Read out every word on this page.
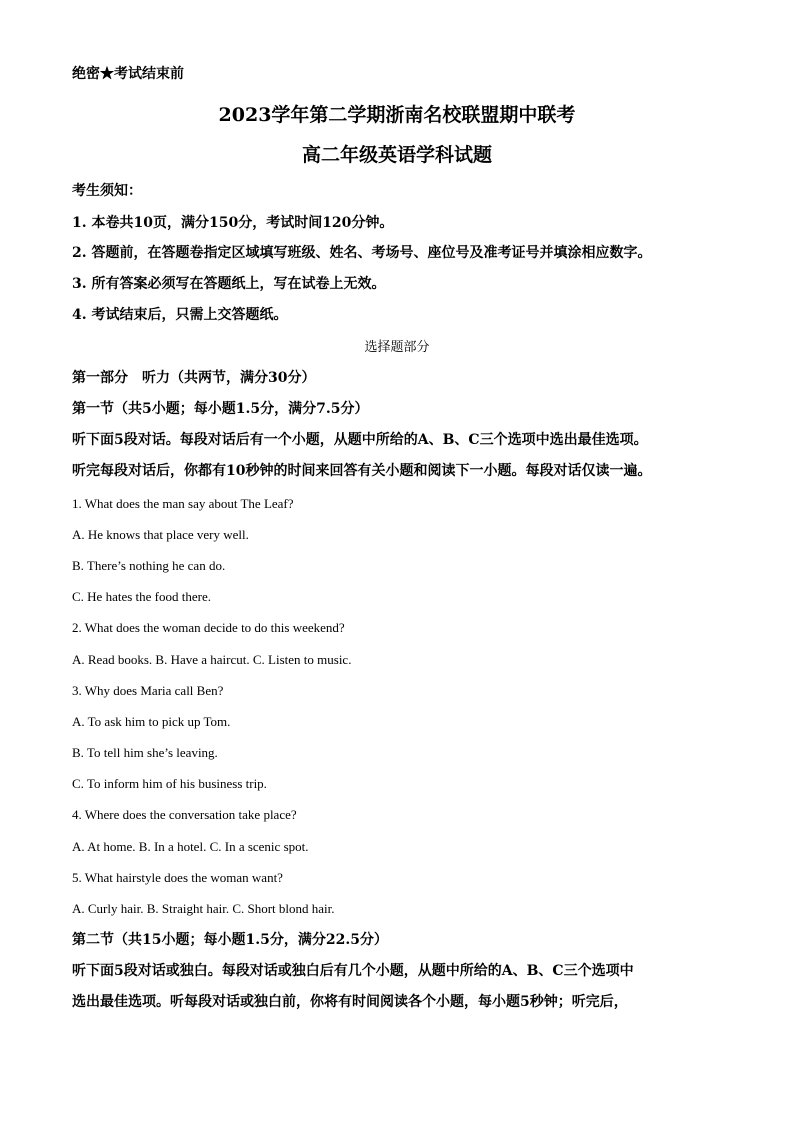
绝密★考试结束前
2023学年第二学期浙南名校联盟期中联考
高二年级英语学科试题
考生须知：
1. 本卷共10页，满分150分，考试时间120分钟。
2. 答题前，在答题卷指定区域填写班级、姓名、考场号、座位号及准考证号并填涂相应数字。
3. 所有答案必须写在答题纸上，写在试卷上无效。
4. 考试结束后，只需上交答题纸。
选择题部分
第一部分　听力（共两节，满分30分）
第一节（共5小题；每小题1.5分，满分7.5分）
听下面5段对话。每段对话后有一个小题，从题中所给的A、B、C三个选项中选出最佳选项。
听完每段对话后，你都有10秒钟的时间来回答有关小题和阅读下一小题。每段对话仅读一遍。
1. What does the man say about The Leaf?
A. He knows that place very well.
B. There’s nothing he can do.
C. He hates the food there.
2. What does the woman decide to do this weekend?
A. Read books. B. Have a haircut. C. Listen to music.
3. Why does Maria call Ben?
A. To ask him to pick up Tom.
B. To tell him she’s leaving.
C. To inform him of his business trip.
4. Where does the conversation take place?
A. At home. B. In a hotel. C. In a scenic spot.
5. What hairstyle does the woman want?
A. Curly hair. B. Straight hair. C. Short blond hair.
第二节（共15小题；每小题1.5分，满分22.5分）
听下面5段对话或独白。每段对话或独白后有几个小题，从题中所给的A、B、C三个选项中
选出最佳选项。听每段对话或独白前，你将有时间阅读各个小题，每小题5秒钟；听完后，
